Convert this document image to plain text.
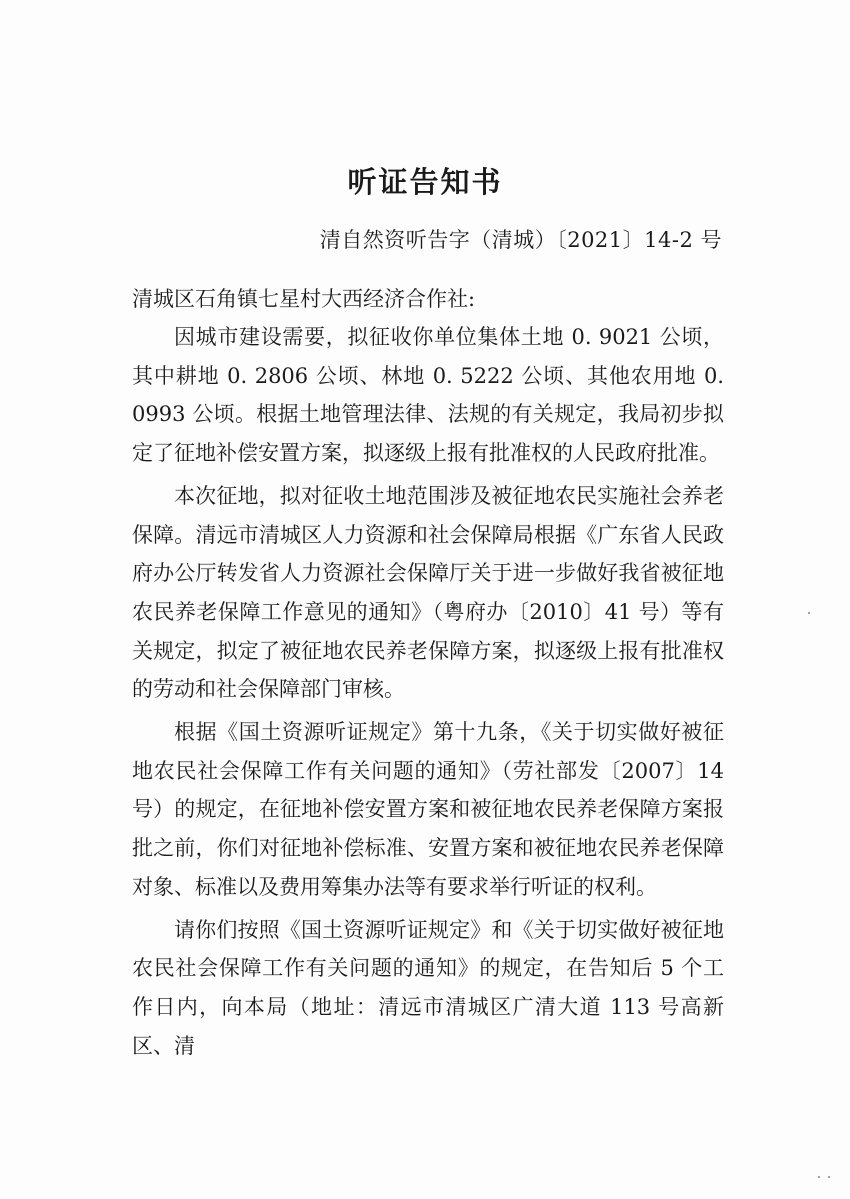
听证告知书
清自然资听告字（清城）〔2021〕14-2 号
清城区石角镇七星村大西经济合作社:

因城市建设需要，拟征收你单位集体土地 0. 9021 公顷，其中耕地 0. 2806 公顷、林地 0. 5222 公顷、其他农用地 0. 0993 公顷。根据土地管理法律、法规的有关规定，我局初步拟定了征地补偿安置方案，拟逐级上报有批准权的人民政府批准。

本次征地，拟对征收土地范围涉及被征地农民实施社会养老保障。清远市清城区人力资源和社会保障局根据《广东省人民政府办公厅转发省人力资源社会保障厅关于进一步做好我省被征地农民养老保障工作意见的通知》（粤府办〔2010〕41 号）等有关规定，拟定了被征地农民养老保障方案，拟逐级上报有批准权的劳动和社会保障部门审核。

根据《国土资源听证规定》第十九条，《关于切实做好被征地农民社会保障工作有关问题的通知》（劳社部发〔2007〕14 号）的规定，在征地补偿安置方案和被征地农民养老保障方案报批之前，你们对征地补偿标准、安置方案和被征地农民养老保障对象、标准以及费用筹集办法等有要求举行听证的权利。

请你们按照《国土资源听证规定》和《关于切实做好被征地农民社会保障工作有关问题的通知》的规定，在告知后 5 个工作日内，向本局（地址：清远市清城区广清大道 113 号高新区、清
